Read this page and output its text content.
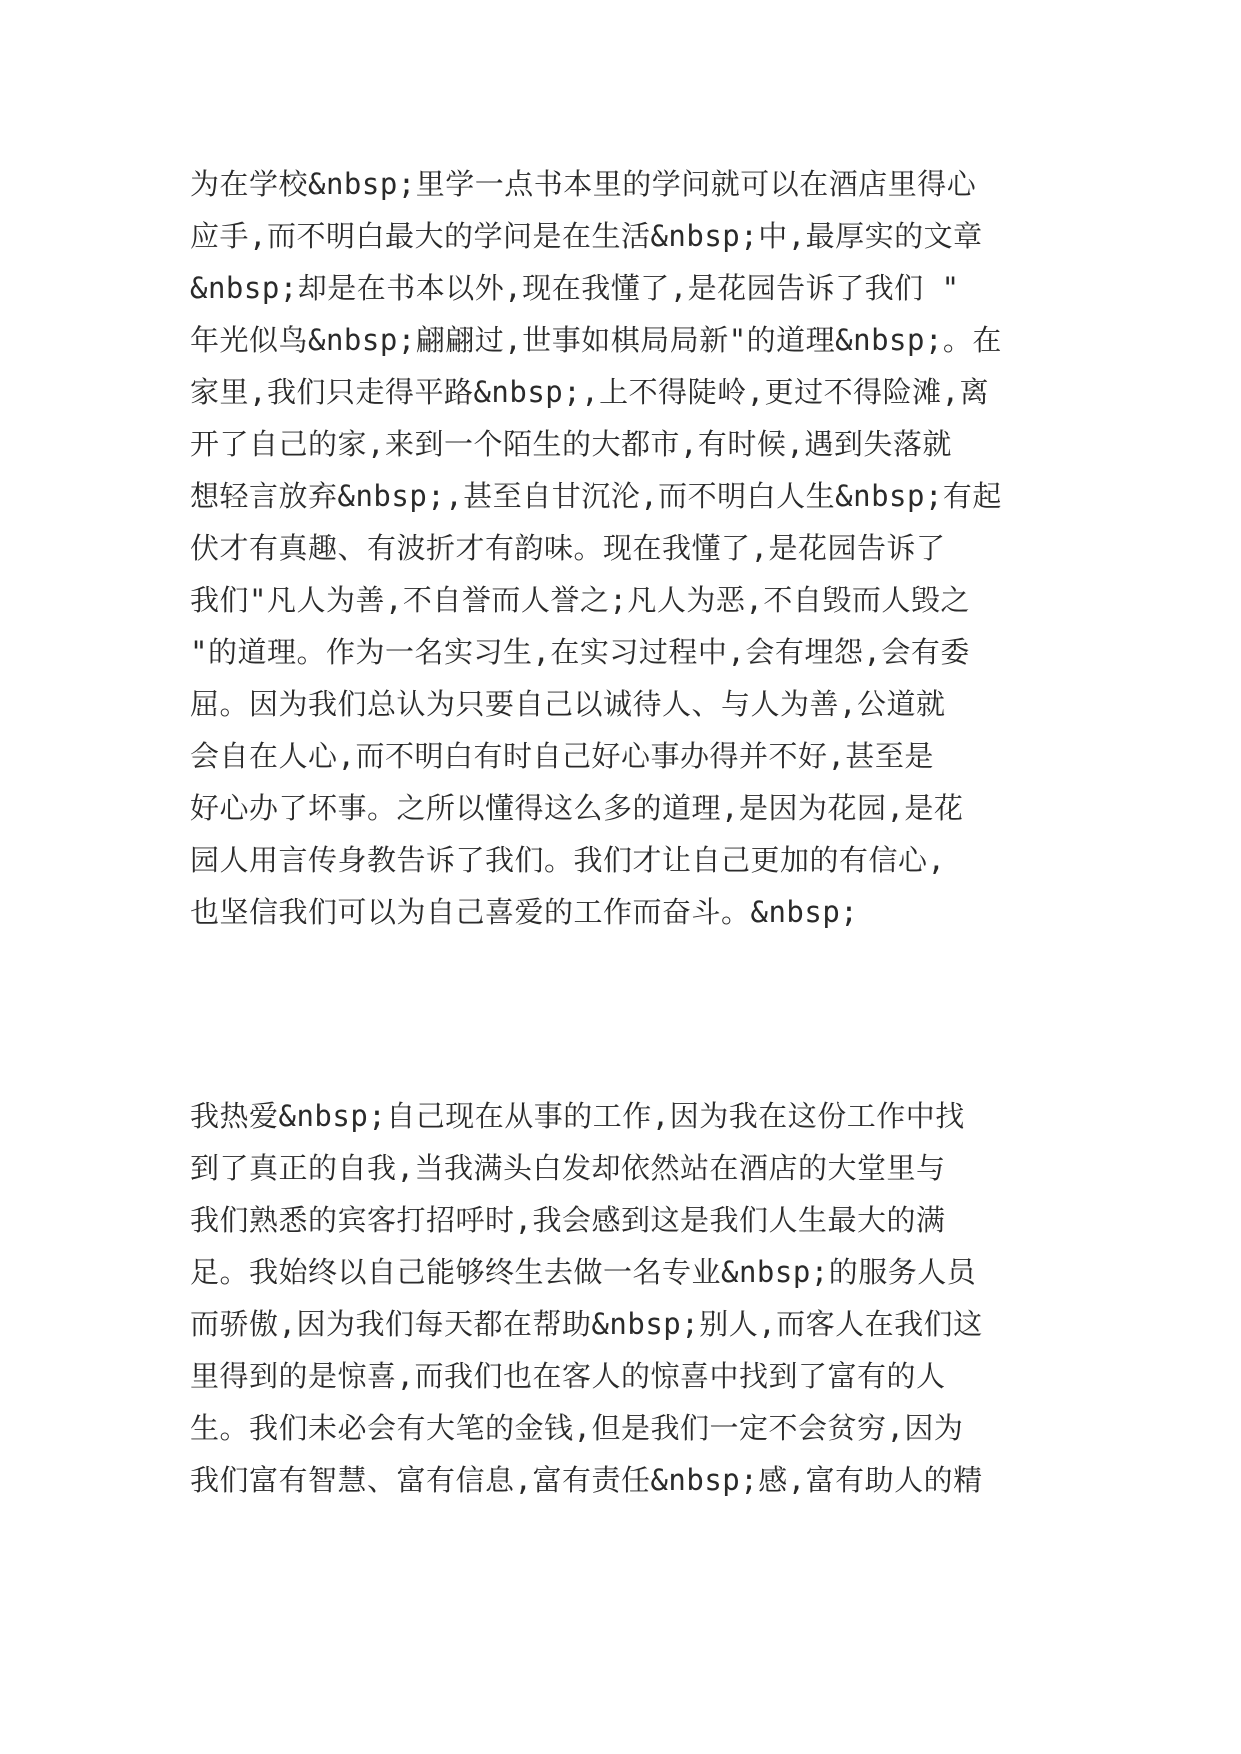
为在学校&nbsp;里学一点书本里的学问就可以在酒店里得心
应手,而不明白最大的学问是在生活&nbsp;中,最厚实的文章
&nbsp;却是在书本以外,现在我懂了,是花园告诉了我们 "
年光似鸟&nbsp;翩翩过,世事如棋局局新"的道理&nbsp;。在
家里,我们只走得平路&nbsp;,上不得陡岭,更过不得险滩,离
开了自己的家,来到一个陌生的大都市,有时候,遇到失落就
想轻言放弃&nbsp;,甚至自甘沉沦,而不明白人生&nbsp;有起
伏才有真趣、有波折才有韵味。现在我懂了,是花园告诉了
我们"凡人为善,不自誉而人誉之;凡人为恶,不自毁而人毁之
"的道理。作为一名实习生,在实习过程中,会有埋怨,会有委
屈。因为我们总认为只要自己以诚待人、与人为善,公道就
会自在人心,而不明白有时自己好心事办得并不好,甚至是
好心办了坏事。之所以懂得这么多的道理,是因为花园,是花
园人用言传身教告诉了我们。我们才让自己更加的有信心,
也坚信我们可以为自己喜爱的工作而奋斗。&nbsp;
我热爱&nbsp;自己现在从事的工作,因为我在这份工作中找
到了真正的自我,当我满头白发却依然站在酒店的大堂里与
我们熟悉的宾客打招呼时,我会感到这是我们人生最大的满
足。我始终以自己能够终生去做一名专业&nbsp;的服务人员
而骄傲,因为我们每天都在帮助&nbsp;别人,而客人在我们这
里得到的是惊喜,而我们也在客人的惊喜中找到了富有的人
生。我们未必会有大笔的金钱,但是我们一定不会贫穷,因为
我们富有智慧、富有信息,富有责任&nbsp;感,富有助人的精
